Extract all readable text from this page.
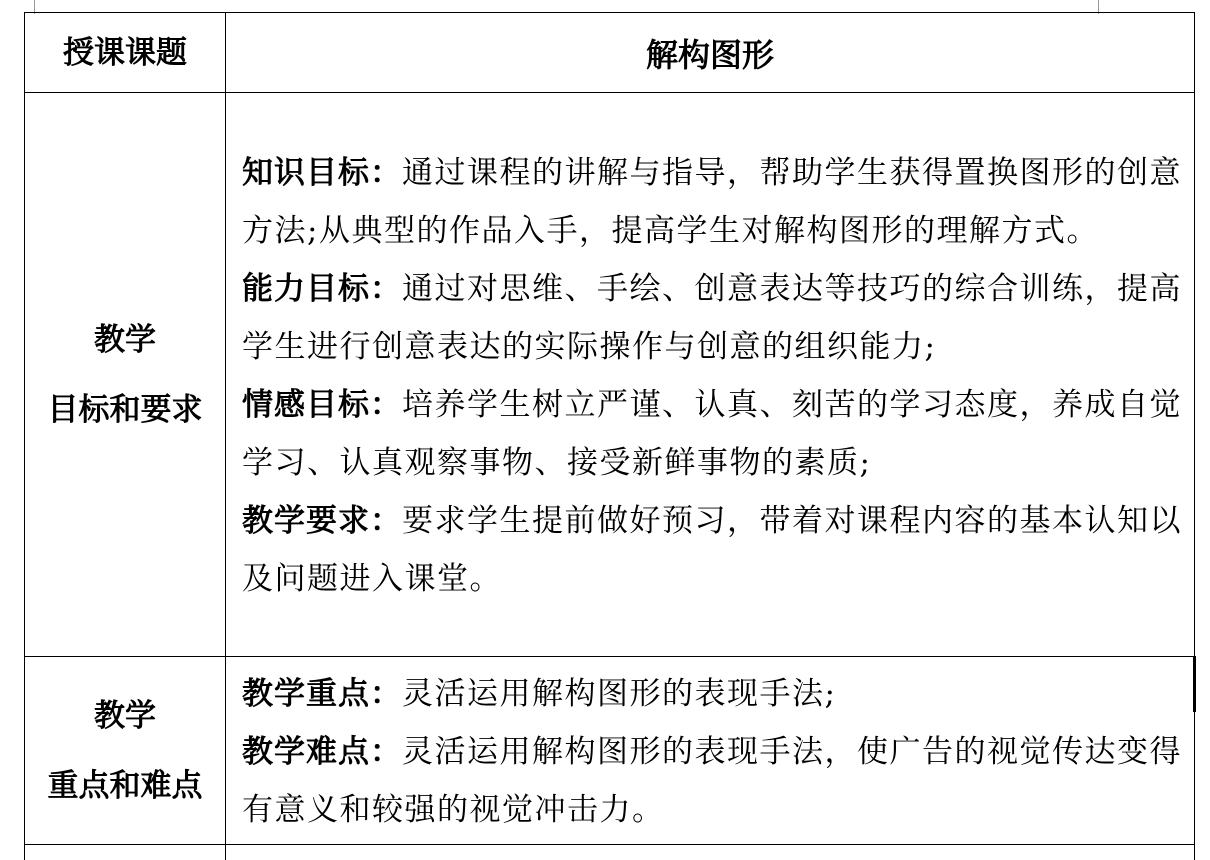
授课课题	解构图形

教学
目标和要求	知识目标：通过课程的讲解与指导，帮助学生获得置换图形的创意方法;从典型的作品入手，提高学生对解构图形的理解方式。
能力目标：通过对思维、手绘、创意表达等技巧的综合训练，提高学生进行创意表达的实际操作与创意的组织能力;
情感目标：培养学生树立严谨、认真、刻苦的学习态度，养成自觉学习、认真观察事物、接受新鲜事物的素质;
教学要求：要求学生提前做好预习，带着对课程内容的基本认知以及问题进入课堂。

教学
重点和难点	教学重点：灵活运用解构图形的表现手法;
教学难点：灵活运用解构图形的表现手法，使广告的视觉传达变得有意义和较强的视觉冲击力。
